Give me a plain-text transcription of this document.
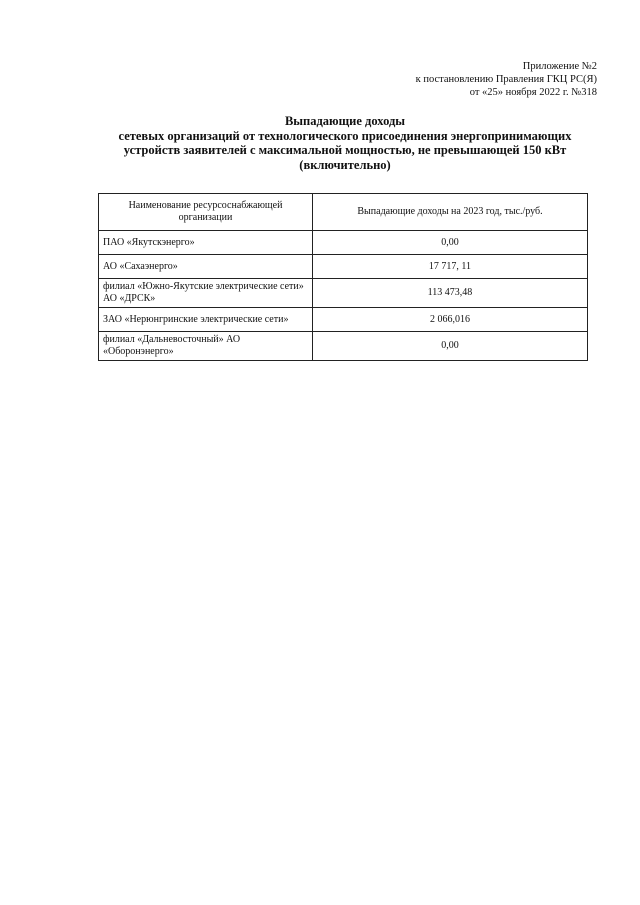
Приложение №2
к постановлению Правления ГКЦ РС(Я)
от «25» ноября 2022 г. №318
Выпадающие доходы
сетевых организаций от технологического присоединения энергопринимающих
устройств заявителей с максимальной мощностью, не превышающей 150 кВт
(включительно)
Наименование ресурсоснабжающей организации	Выпадающие доходы на 2023 год, тыс./руб.
ПАО «Якутскэнерго»	0,00
АО «Сахаэнерго»	17 717, 11
филиал «Южно-Якутские электрические сети» АО «ДРСК»	113 473,48
ЗАО «Нерюнгринские электрические сети»	2 066,016
филиал «Дальневосточный» АО «Оборонэнерго»	0,00
